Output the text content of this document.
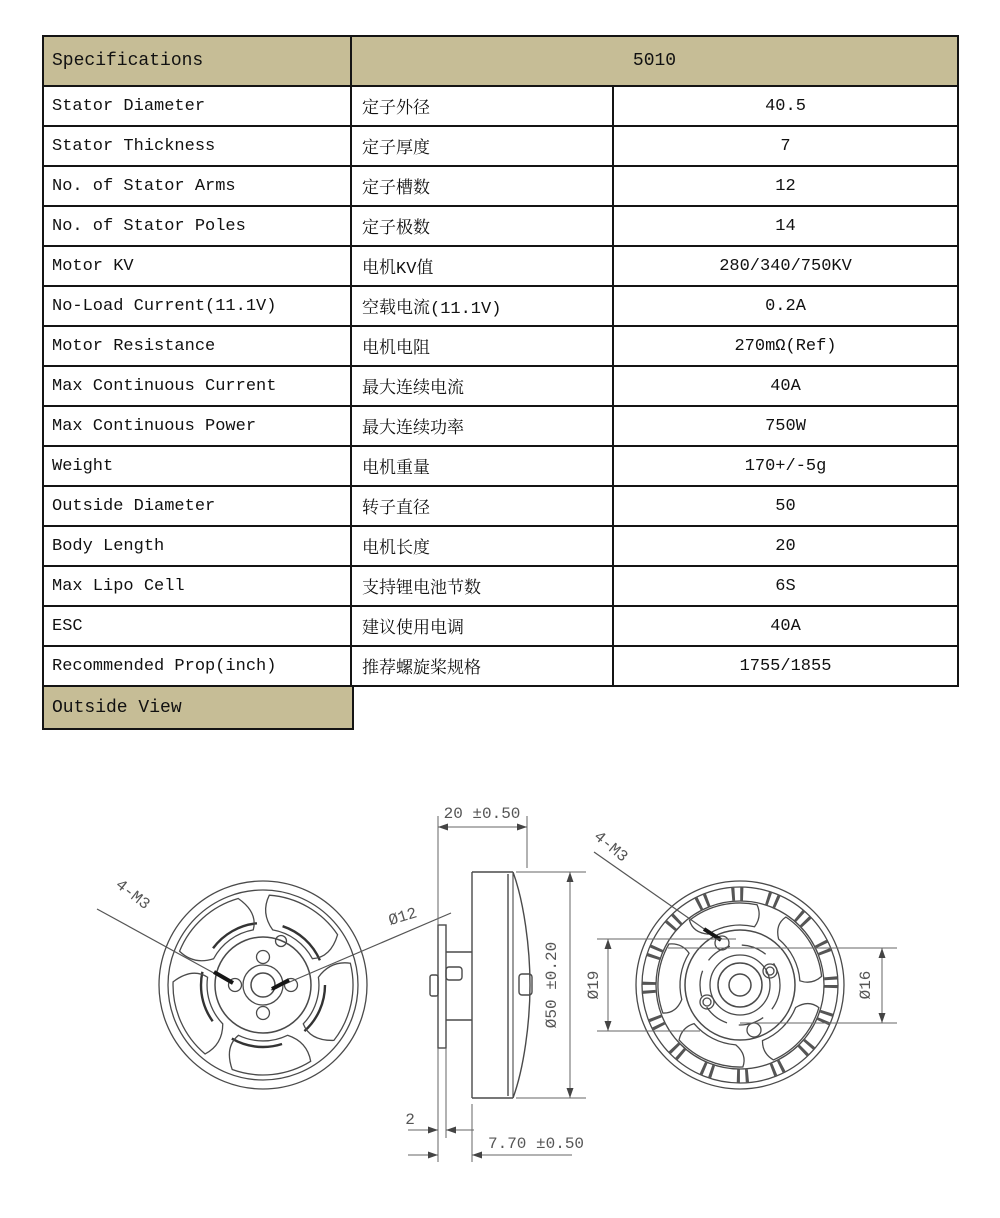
Specifications	5010	
Stator Diameter	定子外径	40.5
Stator Thickness	定子厚度	7
No. of Stator Arms	定子槽数	12
No. of Stator Poles	定子极数	14
Motor KV	电机KV值	280/340/750KV
No-Load Current(11.1V)	空载电流(11.1V)	0.2A
Motor Resistance	电机电阻	270mΩ(Ref)
Max Continuous Current	最大连续电流	40A
Max Continuous Power	最大连续功率	750W
Weight	电机重量	170+/-5g
Outside Diameter	转子直径	50
Body Length	电机长度	20
Max Lipo Cell	支持锂电池节数	6S
ESC	建议使用电调	40A
Recommended Prop(inch)	推荐螺旋桨规格	1755/1855
Outside View
4-M3
Ø12
20 ±0.50
Ø50 ±0.20
2
7.70 ±0.50
4-M3
Ø19	Ø16
